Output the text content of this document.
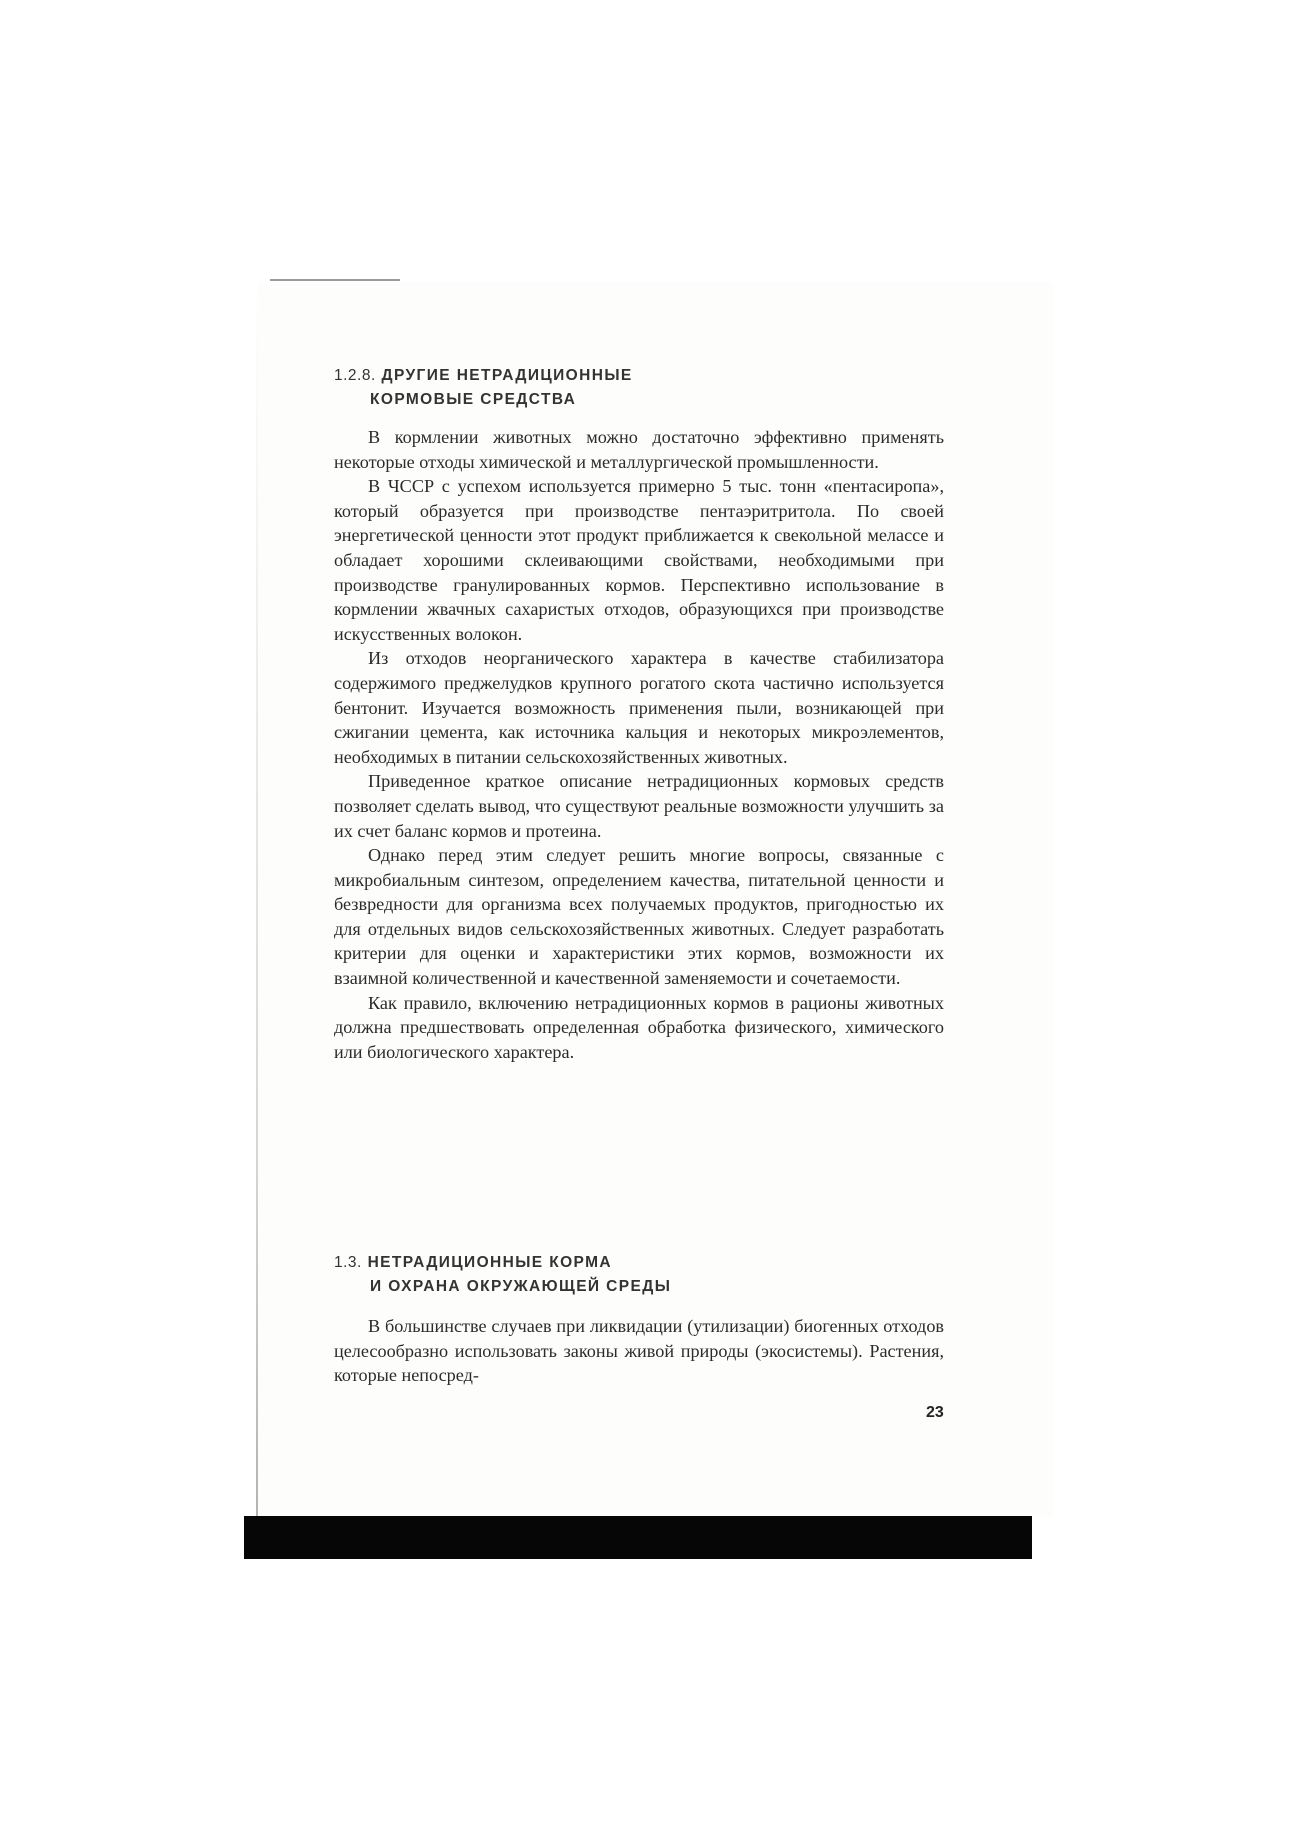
1.2.8. ДРУГИЕ НЕТРАДИЦИОННЫЕ
КОРМОВЫЕ СРЕДСТВА

В кормлении животных можно достаточно эффективно применять некоторые отходы химической и металлургической промышленности.

В ЧССР с успехом используется примерно 5 тыс. тонн «пентасиропа», который образуется при производстве пентаэритритола. По своей энергетической ценности этот продукт приближается к свекольной мелассе и обладает хорошими склеивающими свойствами, необходимыми при производстве гранулированных кормов. Перспективно использование в кормлении жвачных сахаристых отходов, образующихся при производстве искусственных волокон.

Из отходов неорганического характера в качестве стабилизатора содержимого преджелудков крупного рогатого скота частично используется бентонит. Изучается возможность применения пыли, возникающей при сжигании цемента, как источника кальция и некоторых микроэлементов, необходимых в питании сельскохозяйственных животных.

Приведенное краткое описание нетрадиционных кормовых средств позволяет сделать вывод, что существуют реальные возможности улучшить за их счет баланс кормов и протеина.

Однако перед этим следует решить многие вопросы, связанные с микробиальным синтезом, определением качества, питательной ценности и безвредности для организма всех получаемых продуктов, пригодностью их для отдельных видов сельскохозяйственных животных. Следует разработать критерии для оценки и характеристики этих кормов, возможности их взаимной количественной и качественной заменяемости и сочетаемости.

Как правило, включению нетрадиционных кормов в рационы животных должна предшествовать определенная обработка физического, химического или биологического характера.

1.3. НЕТРАДИЦИОННЫЕ КОРМА
И ОХРАНА ОКРУЖАЮЩЕЙ СРЕДЫ

В большинстве случаев при ликвидации (утилизации) биогенных отходов целесообразно использовать законы живой природы (экосистемы). Растения, которые непосред-

23
